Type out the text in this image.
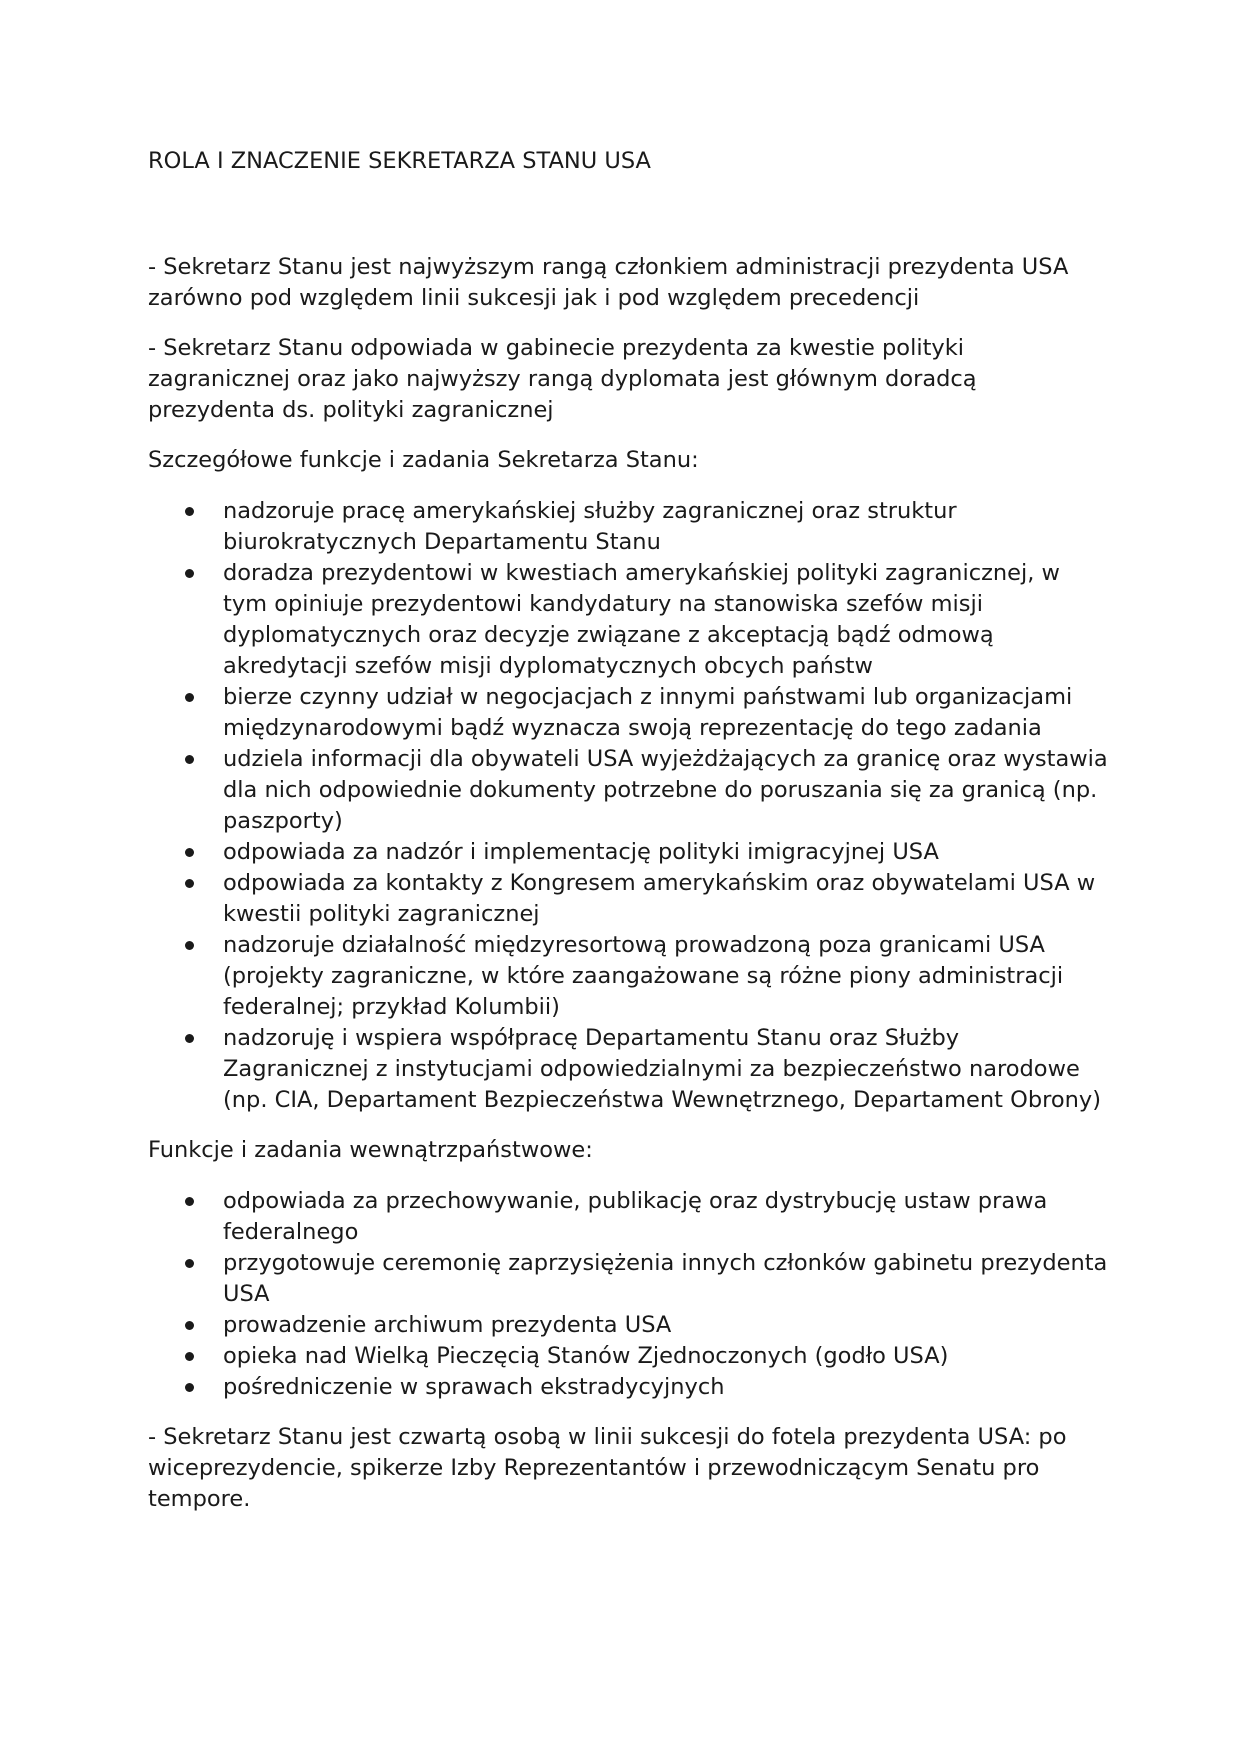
ROLA I ZNACZENIE SEKRETARZA STANU USA

- Sekretarz Stanu jest najwyższym rangą członkiem administracji prezydenta USA zarówno pod względem linii sukcesji jak i pod względem precedencji

- Sekretarz Stanu odpowiada w gabinecie prezydenta za kwestie polityki zagranicznej oraz jako najwyższy rangą dyplomata jest głównym doradcą prezydenta ds. polityki zagranicznej

Szczegółowe funkcje i zadania Sekretarza Stanu:

nadzoruje pracę amerykańskiej służby zagranicznej oraz struktur biurokratycznych Departamentu Stanu
doradza prezydentowi w kwestiach amerykańskiej polityki zagranicznej, w tym opiniuje prezydentowi kandydatury na stanowiska szefów misji dyplomatycznych oraz decyzje związane z akceptacją bądź odmową akredytacji szefów misji dyplomatycznych obcych państw
bierze czynny udział w negocjacjach z innymi państwami lub organizacjami międzynarodowymi bądź wyznacza swoją reprezentację do tego zadania
udziela informacji dla obywateli USA wyjeżdżających za granicę oraz wystawia dla nich odpowiednie dokumenty potrzebne do poruszania się za granicą (np. paszporty)
odpowiada za nadzór i implementację polityki imigracyjnej USA
odpowiada za kontakty z Kongresem amerykańskim oraz obywatelami USA w kwestii polityki zagranicznej
nadzoruje działalność międzyresortową prowadzoną poza granicami USA (projekty zagraniczne, w które zaangażowane są różne piony administracji federalnej; przykład Kolumbii)
nadzoruję i wspiera współpracę Departamentu Stanu oraz Służby Zagranicznej z instytucjami odpowiedzialnymi za bezpieczeństwo narodowe (np. CIA, Departament Bezpieczeństwa Wewnętrznego, Departament Obrony)

Funkcje i zadania wewnątrzpaństwowe:

odpowiada za przechowywanie, publikację oraz dystrybucję ustaw prawa federalnego
przygotowuje ceremonię zaprzysiężenia innych członków gabinetu prezydenta USA
prowadzenie archiwum prezydenta USA
opieka nad Wielką Pieczęcią Stanów Zjednoczonych (godło USA)
pośredniczenie w sprawach ekstradycyjnych

- Sekretarz Stanu jest czwartą osobą w linii sukcesji do fotela prezydenta USA: po wiceprezydencie, spikerze Izby Reprezentantów i przewodniczącym Senatu pro tempore.
